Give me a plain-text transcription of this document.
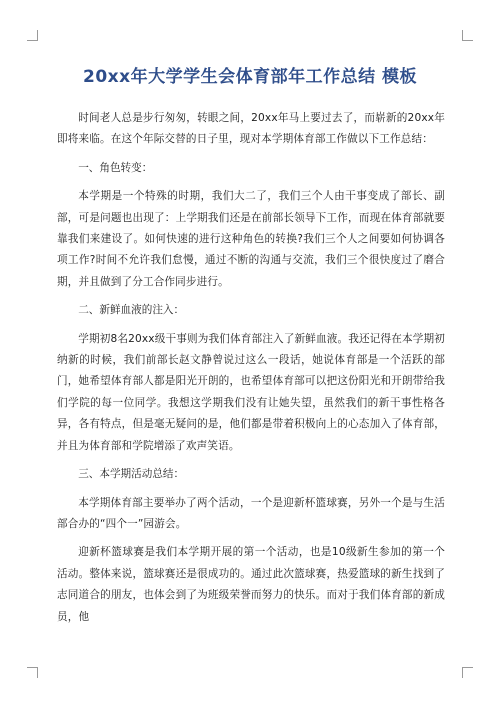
20xx年大学学生会体育部年工作总结 模板

时间老人总是步行匆匆，转眼之间，20xx年马上要过去了，而崭新的20xx年即将来临。在这个年际交替的日子里，现对本学期体育部工作做以下工作总结：

一、角色转变：

本学期是一个特殊的时期，我们大二了，我们三个人由干事变成了部长、副部，可是问题也出现了：上学期我们还是在前部长领导下工作，而现在体育部就要靠我们来建设了。如何快速的进行这种角色的转换?我们三个人之间要如何协调各项工作?时间不允许我们怠慢，通过不断的沟通与交流，我们三个很快度过了磨合期，并且做到了分工合作同步进行。

二、新鲜血液的注入：

学期初8名20xx级干事则为我们体育部注入了新鲜血液。我还记得在本学期初纳新的时候，我们前部长赵文静曾说过这么一段话，她说体育部是一个活跃的部门，她希望体育部人都是阳光开朗的，也希望体育部可以把这份阳光和开朗带给我们学院的每一位同学。我想这学期我们没有让她失望，虽然我们的新干事性格各异，各有特点，但是毫无疑问的是，他们都是带着积极向上的心态加入了体育部，并且为体育部和学院增添了欢声笑语。

三、本学期活动总结：

本学期体育部主要举办了两个活动，一个是迎新杯篮球赛，另外一个是与生活部合办的“四个一”园游会。

迎新杯篮球赛是我们本学期开展的第一个活动，也是10级新生参加的第一个活动。整体来说，篮球赛还是很成功的。通过此次篮球赛，热爱篮球的新生找到了志同道合的朋友，也体会到了为班级荣誉而努力的快乐。而对于我们体育部的新成员，他
